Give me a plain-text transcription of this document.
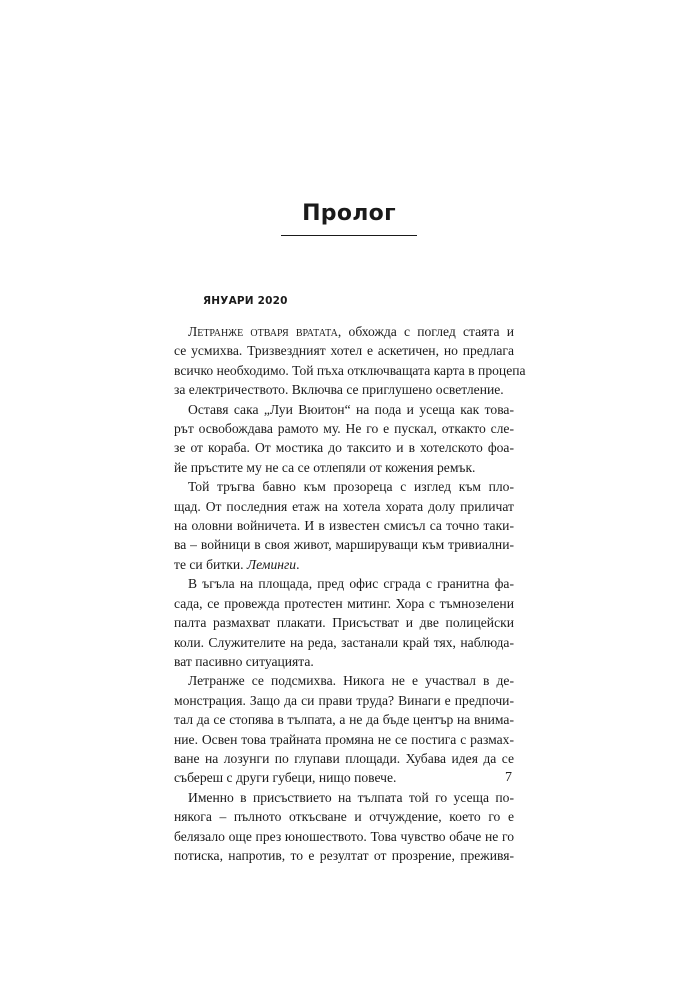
Пролог
ЯНУАРИ 2020
Летранже отваря вратата, обхожда с поглед стаята и
се усмихва. Тризвездният хотел е аскетичен, но предлага
всичко необходимо. Той пъха отключващата карта в процепа
за електричеството. Включва се приглушено осветление.
Оставя сака „Луи Вюитон“ на пода и усеща как това-
рът освобождава рамото му. Не го е пускал, откакто сле-
зе от кораба. От мостика до таксито и в хотелското фоа-
йе пръстите му не са се отлепяли от кожения ремък.
Той тръгва бавно към прозореца с изглед към пло-
щад. От последния етаж на хотела хората долу приличат
на оловни войничета. И в известен смисъл са точно таки-
ва – войници в своя живот, маршируващи към тривиални-
те си битки. Леминги.
В ъгъла на площада, пред офис сграда с гранитна фа-
сада, се провежда протестен митинг. Хора с тъмнозелени
палта размахват плакати. Присъстват и две полицейски
коли. Служителите на реда, застанали край тях, наблюда-
ват пасивно ситуацията.
Летранже се подсмихва. Никога не е участвал в де-
монстрация. Защо да си прави труда? Винаги е предпочи-
тал да се стопява в тълпата, а не да бъде център на внима-
ние. Освен това трайната промяна не се постига с размах-
ване на лозунги по глупави площади. Хубава идея да се
събереш с други губеци, нищо повече.
Именно в присъствието на тълпата той го усеща по-
някога – пълното откъсване и отчуждение, което го е
белязало още през юношеството. Това чувство обаче не го
потиска, напротив, то е резултат от прозрение, преживя-
7
